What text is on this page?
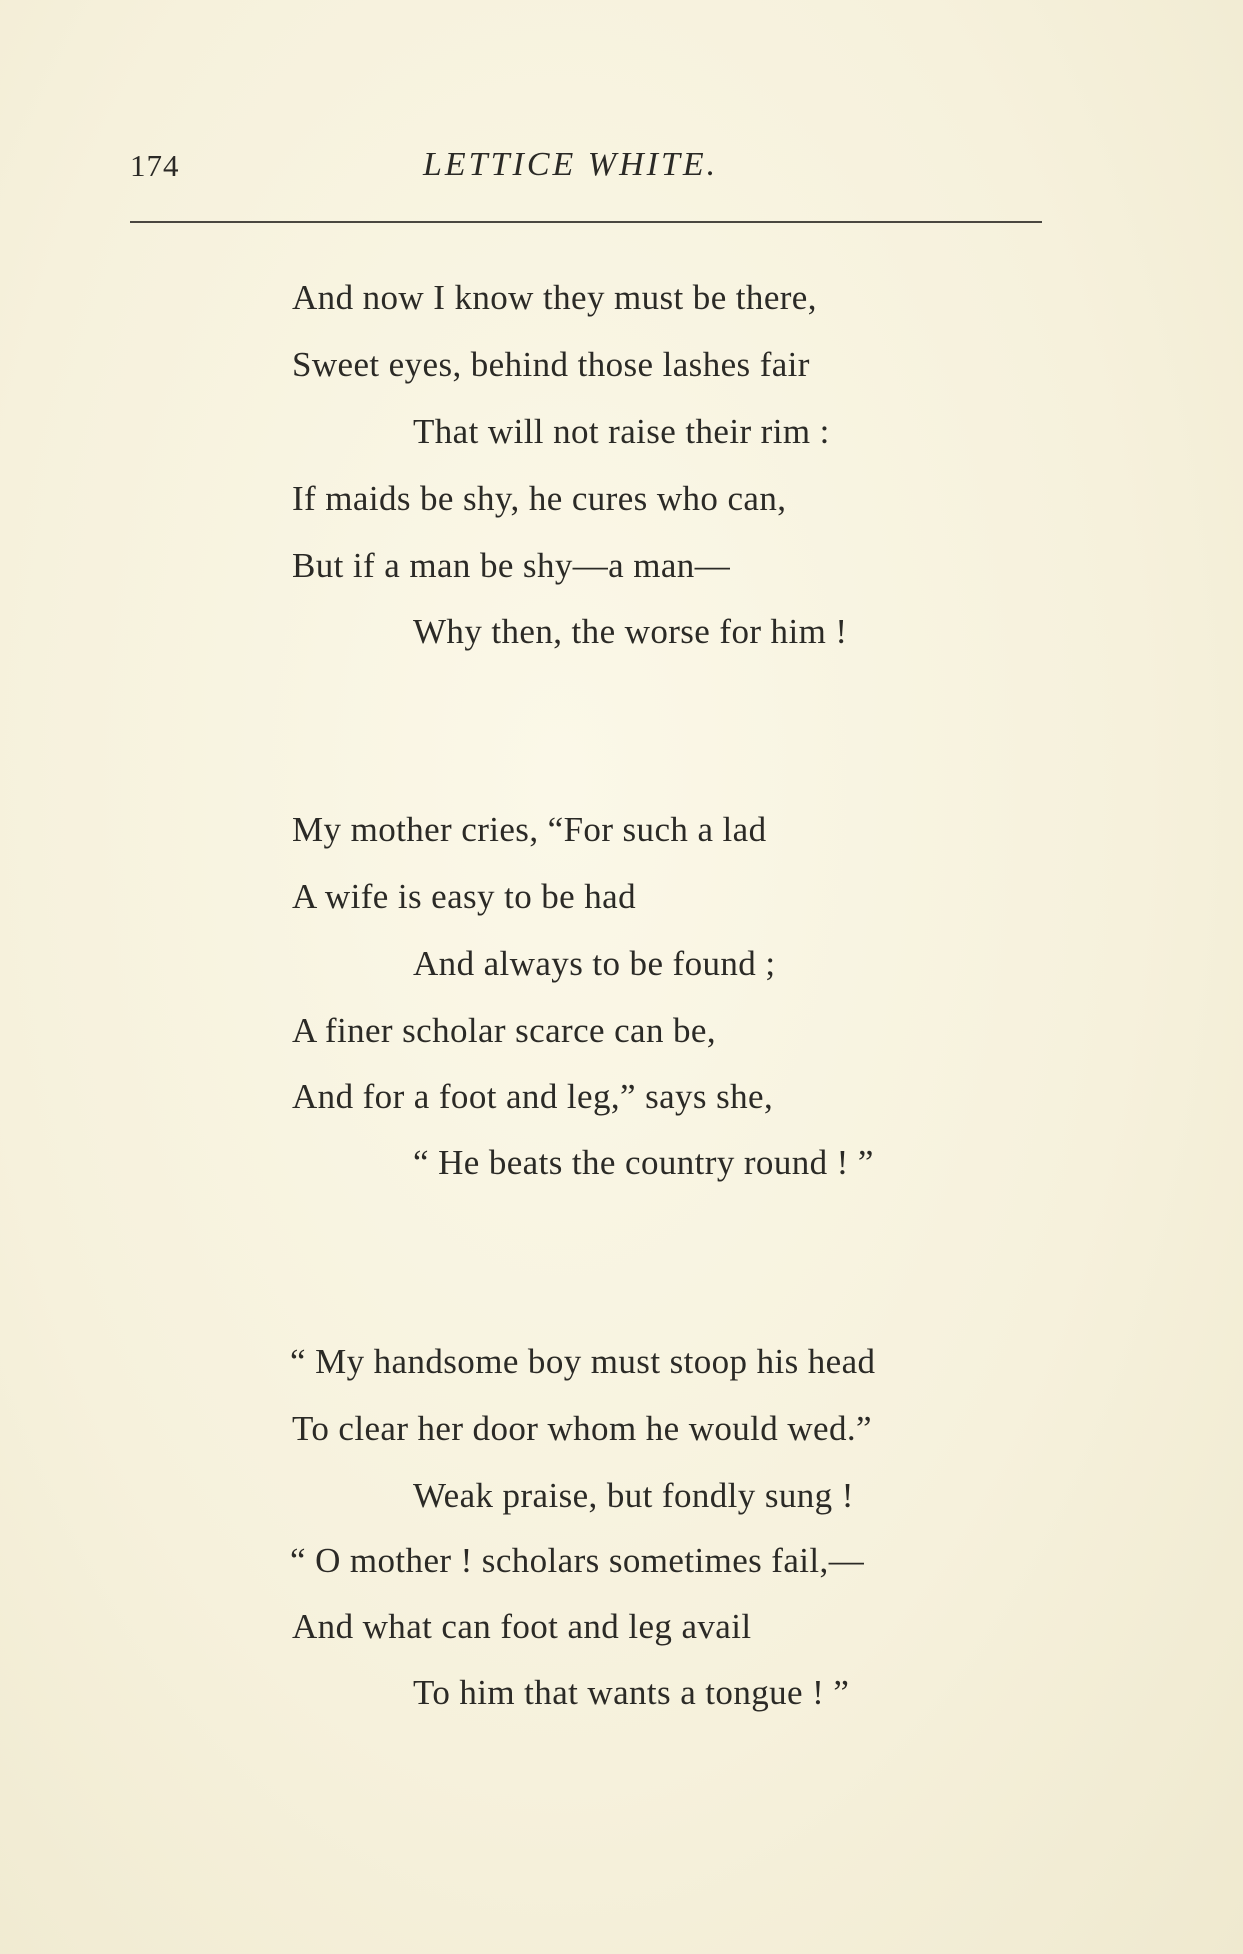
174	LETTICE WHITE.
And now I know they must be there,
Sweet eyes, behind those lashes fair
That will not raise their rim :
If maids be shy, he cures who can,
But if a man be shy—a man—
Why then, the worse for him !
My mother cries, “For such a lad
A wife is easy to be had
And always to be found ;
A finer scholar scarce can be,
And for a foot and leg,” says she,
“ He beats the country round ! ”
“ My handsome boy must stoop his head
To clear her door whom he would wed.”
Weak praise, but fondly sung !
“ O mother ! scholars sometimes fail,—
And what can foot and leg avail
To him that wants a tongue ! ”
